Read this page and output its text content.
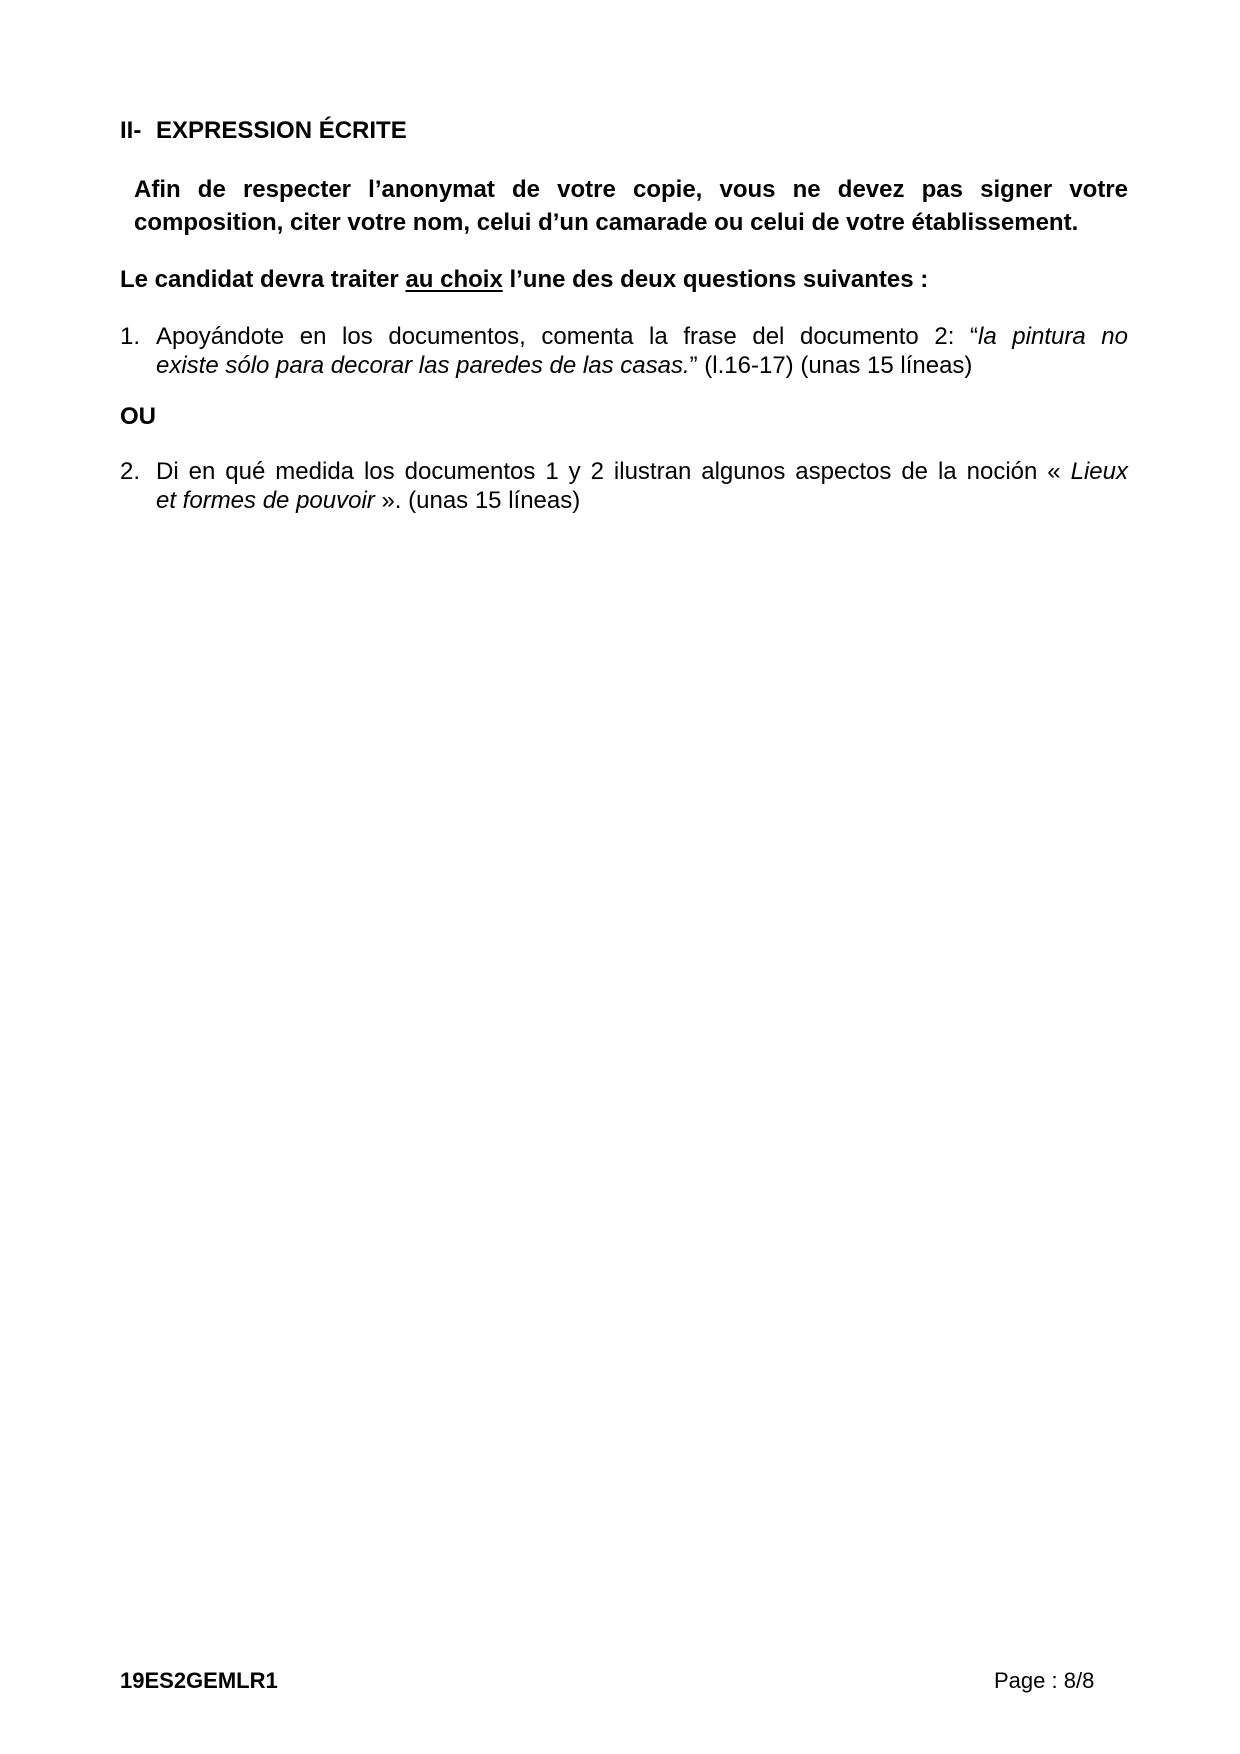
II- EXPRESSION ÉCRITE

Afin de respecter l’anonymat de votre copie, vous ne devez pas signer votre
composition, citer votre nom, celui d’un camarade ou celui de votre établissement.

Le candidat devra traiter au choix l’une des deux questions suivantes :

1. Apoyándote en los documentos, comenta la frase del documento 2: “la pintura no
existe sólo para decorar las paredes de las casas.” (l.16-17) (unas 15 líneas)

OU

2. Di en qué medida los documentos 1 y 2 ilustran algunos aspectos de la noción « Lieux
et formes de pouvoir ». (unas 15 líneas)

19ES2GEMLR1	Page : 8/8
